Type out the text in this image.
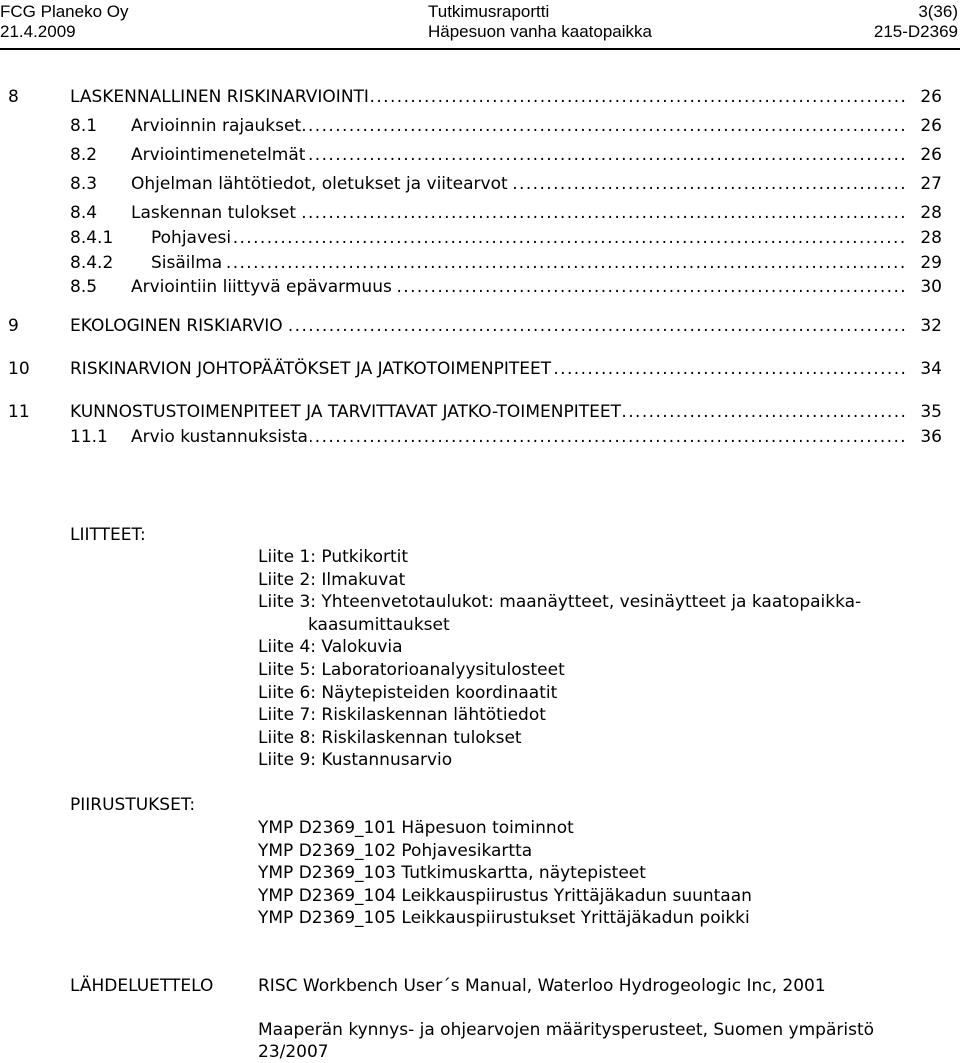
FCG Planeko Oy
21.4.2009
Tutkimusraportti
Häpesuon vanha kaatopaikka
3(36)
215-D2369
8	LASKENNALLINEN RISKINARVIOINTI . . .	26
8.1 Arvioinnin rajaukset . . .	26
8.2 Arviointimenetelmät . . .	26
8.3 Ohjelman lähtötiedot, oletukset ja viitearvot . . .	27
8.4 Laskennan tulokset . . .	28
8.4.1 Pohjavesi . . .	28
8.4.2 Sisäilma . . .	29
8.5 Arviointiin liittyvä epävarmuus . . .	30
9	EKOLOGINEN RISKIARVIO . . .	32
10 RISKINARVION JOHTOPÄÄTÖKSET JA JATKOTOIMENPITEET . . .	34
11 KUNNOSTUSTOIMENPITEET JA TARVITTAVAT JATKO-TOIMENPITEET . . .	35
11.1 Arvio kustannuksista . . .	36
LIITTEET:
Liite 1: Putkikortit
Liite 2: Ilmakuvat
Liite 3: Yhteenvetotaulukot: maanäytteet, vesinäytteet ja kaatopaikka-
kaasumittaukset
Liite 4: Valokuvia
Liite 5: Laboratorioanalyysitulosteet
Liite 6: Näytepisteiden koordinaatit
Liite 7: Riskilaskennan lähtötiedot
Liite 8: Riskilaskennan tulokset
Liite 9: Kustannusarvio
PIIRUSTUKSET:
YMP D2369_101 Häpesuon toiminnot
YMP D2369_102 Pohjavesikartta
YMP D2369_103 Tutkimuskartta, näytepisteet
YMP D2369_104 Leikkauspiirustus Yrittäjäkadun suuntaan
YMP D2369_105 Leikkauspiirustukset Yrittäjäkadun poikki
LÄHDELUETTELO	RISC Workbench User´s Manual, Waterloo Hydrogeologic Inc, 2001
Maaperän kynnys- ja ohjearvojen määritysperusteet, Suomen ympäristö
23/2007
